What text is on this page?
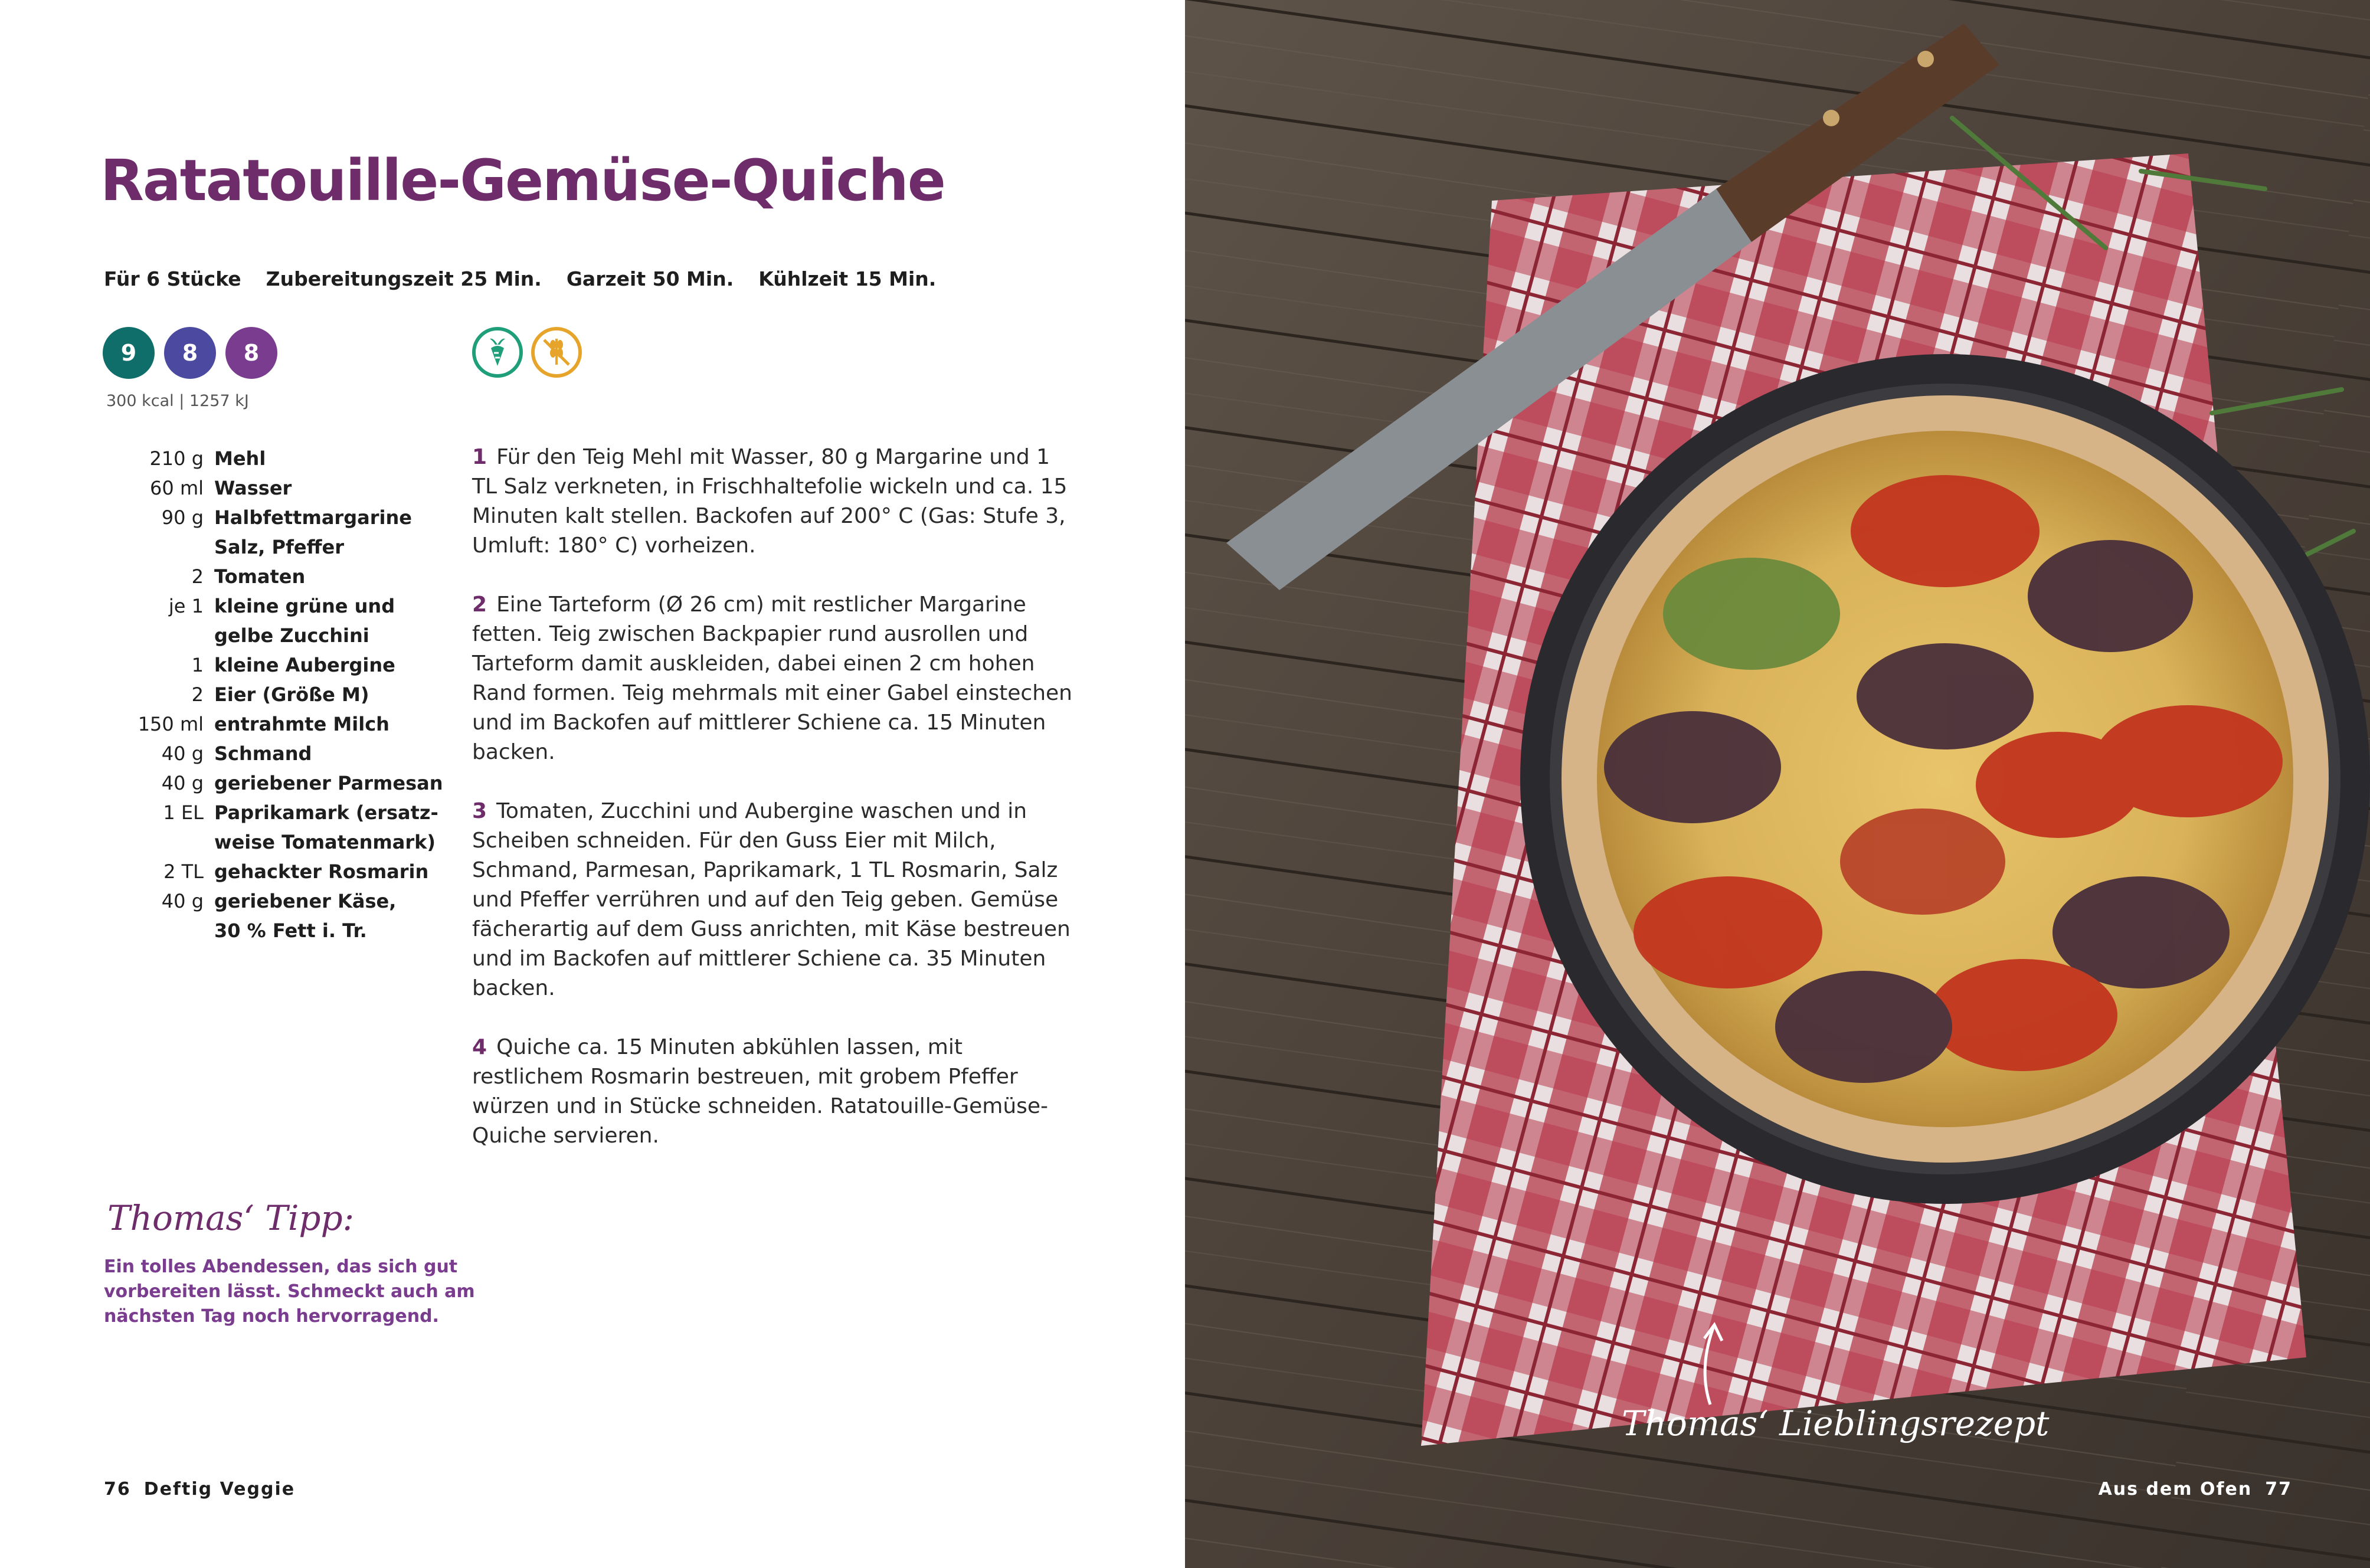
Ratatouille-Gemüse-Quiche
Für 6 Stücke Zubereitungszeit 25 Min. Garzeit 50 Min. Kühlzeit 15 Min.
9	8	8
300 kcal | 1257 kJ
210 g Mehl
60 ml Wasser
90 g Halbfettmargarine
Salz, Pfeffer
2 Tomaten
je 1 kleine grüne und
gelbe Zucchini
1 kleine Aubergine
2 Eier (Größe M)
150 ml entrahmte Milch
40 g Schmand
40 g geriebener Parmesan
1 EL Paprikamark (ersatz-
weise Tomatenmark)
2 TL gehackter Rosmarin
40 g geriebener Käse,
30 % Fett i. Tr.

1 Für den Teig Mehl mit Wasser, 80 g Margarine und 1 TL Salz verkneten, in Frischhaltefolie wickeln und ca. 15 Minuten kalt stellen. Backofen auf 200° C (Gas: Stufe 3, Umluft: 180° C) vorheizen.

2 Eine Tarteform (Ø 26 cm) mit restlicher Margarine fetten. Teig zwischen Backpapier rund ausrollen und Tarteform damit auskleiden, dabei einen 2 cm hohen Rand formen. Teig mehrmals mit einer Gabel einstechen und im Backofen auf mittlerer Schiene ca. 15 Minuten backen.

3 Tomaten, Zucchini und Aubergine waschen und in Scheiben schneiden. Für den Guss Eier mit Milch, Schmand, Parmesan, Paprikamark, 1 TL Rosmarin, Salz und Pfeffer verrühren und auf den Teig geben. Gemüse fächerartig auf dem Guss anrichten, mit Käse bestreuen und im Backofen auf mittlerer Schiene ca. 35 Minuten backen.

4 Quiche ca. 15 Minuten abkühlen lassen, mit restlichem Rosmarin bestreuen, mit grobem Pfeffer würzen und in Stücke schneiden. Ratatouille-Gemüse-Quiche servieren.

Thomas‘ Tipp:
Ein tolles Abendessen, das sich gut vorbereiten lässt. Schmeckt auch am nächsten Tag noch hervorragend.
76 Deftig Veggie
Thomas‘ Lieblingsrezept
Aus dem Ofen 77
